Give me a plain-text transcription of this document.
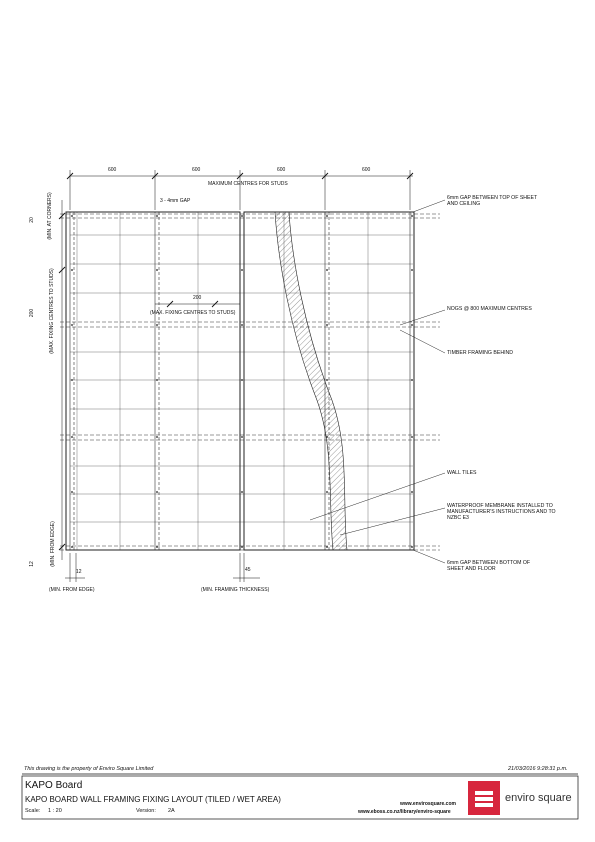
600	600	600	600
MAXIMUM CENTRES FOR STUDS
3 - 4mm GAP
200
(MAX. FIXING CENTRES TO STUDS)
20 (MIN. AT CORNERS)
200	(MAX. FIXING CENTRES TO STUDS)
12	(MIN. FROM EDGE)
12
(MIN. FROM EDGE)
45
(MIN. FRAMING THICKNESS)
6mm GAP BETWEEN TOP OF SHEET AND CEILING
NOGS @ 800 MAXIMUM CENTRES
TIMBER FRAMING BEHIND
WALL TILES
WATERPROOF MEMBRANE INSTALLED TO MANUFACTURER'S INSTRUCTIONS AND TO NZBC E3
6mm GAP BETWEEN BOTTOM OF SHEET AND FLOOR
This drawing is the property of Enviro Square Limited	21/03/2016 9:28:31 p.m.
KAPO Board
KAPO BOARD WALL FRAMING FIXING LAYOUT (TILED / WET AREA)
Scale: 1 : 20	Version: 2A
www.envirosquare.com
www.eboss.co.nz/library/enviro-square
enviro square
